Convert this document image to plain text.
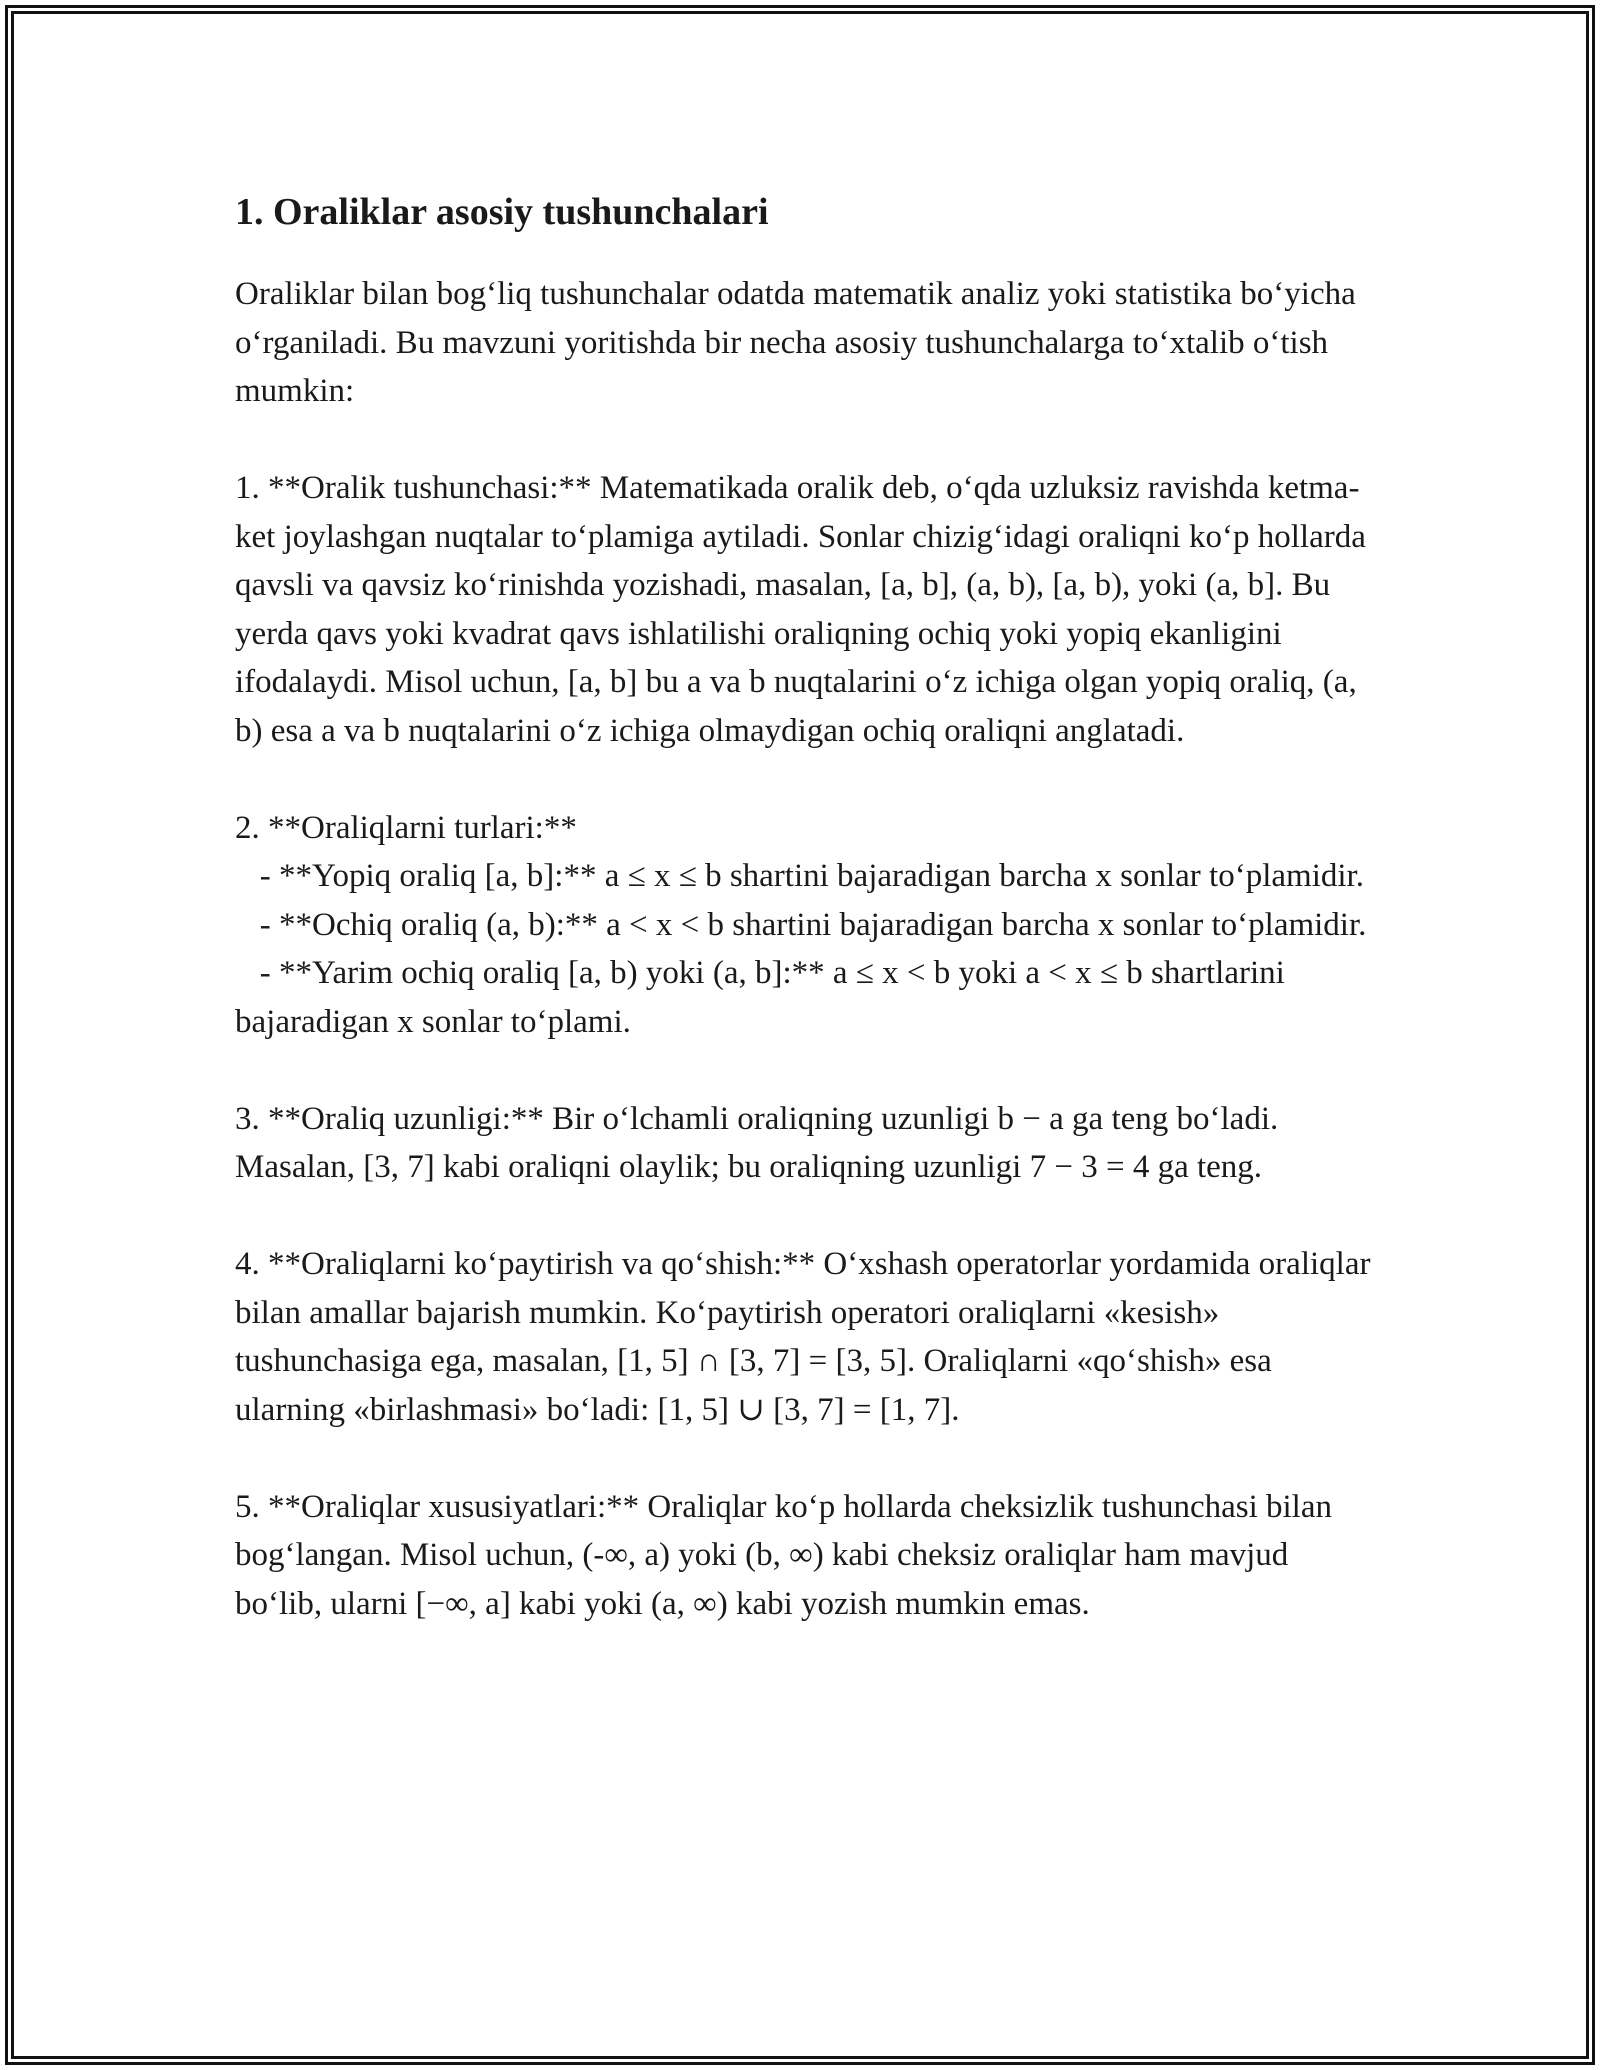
1. Oraliklar asosiy tushunchalari

Oraliklar bilan bog‘liq tushunchalar odatda matematik analiz yoki statistika bo‘yicha o‘rganiladi. Bu mavzuni yoritishda bir necha asosiy tushunchalarga to‘xtalib o‘tish mumkin:

1. **Oralik tushunchasi:** Matematikada oralik deb, o‘qda uzluksiz ravishda ketma-ket joylashgan nuqtalar to‘plamiga aytiladi. Sonlar chizig‘idagi oraliqni ko‘p hollarda qavsli va qavsiz ko‘rinishda yozishadi, masalan, [a, b], (a, b), [a, b), yoki (a, b]. Bu yerda qavs yoki kvadrat qavs ishlatilishi oraliqning ochiq yoki yopiq ekanligini ifodalaydi. Misol uchun, [a, b] bu a va b nuqtalarini o‘z ichiga olgan yopiq oraliq, (a, b) esa a va b nuqtalarini o‘z ichiga olmaydigan ochiq oraliqni anglatadi.

2. **Oraliqlarni turlari:**
- **Yopiq oraliq [a, b]:** a ≤ x ≤ b shartini bajaradigan barcha x sonlar to‘plamidir.
- **Ochiq oraliq (a, b):** a < x < b shartini bajaradigan barcha x sonlar to‘plamidir.
- **Yarim ochiq oraliq [a, b) yoki (a, b]:** a ≤ x < b yoki a < x ≤ b shartlarini bajaradigan x sonlar to‘plami.

3. **Oraliq uzunligi:** Bir o‘lchamli oraliqning uzunligi b − a ga teng bo‘ladi. Masalan, [3, 7] kabi oraliqni olaylik; bu oraliqning uzunligi 7 − 3 = 4 ga teng.

4. **Oraliqlarni ko‘paytirish va qo‘shish:** O‘xshash operatorlar yordamida oraliqlar bilan amallar bajarish mumkin. Ko‘paytirish operatori oraliqlarni «kesish» tushunchasiga ega, masalan, [1, 5] ∩ [3, 7] = [3, 5]. Oraliqlarni «qo‘shish» esa ularning «birlashmasi» bo‘ladi: [1, 5] ∪ [3, 7] = [1, 7].

5. **Oraliqlar xususiyatlari:** Oraliqlar ko‘p hollarda cheksizlik tushunchasi bilan bog‘langan. Misol uchun, (-∞, a) yoki (b, ∞) kabi cheksiz oraliqlar ham mavjud bo‘lib, ularni [−∞, a] kabi yoki (a, ∞) kabi yozish mumkin emas.
